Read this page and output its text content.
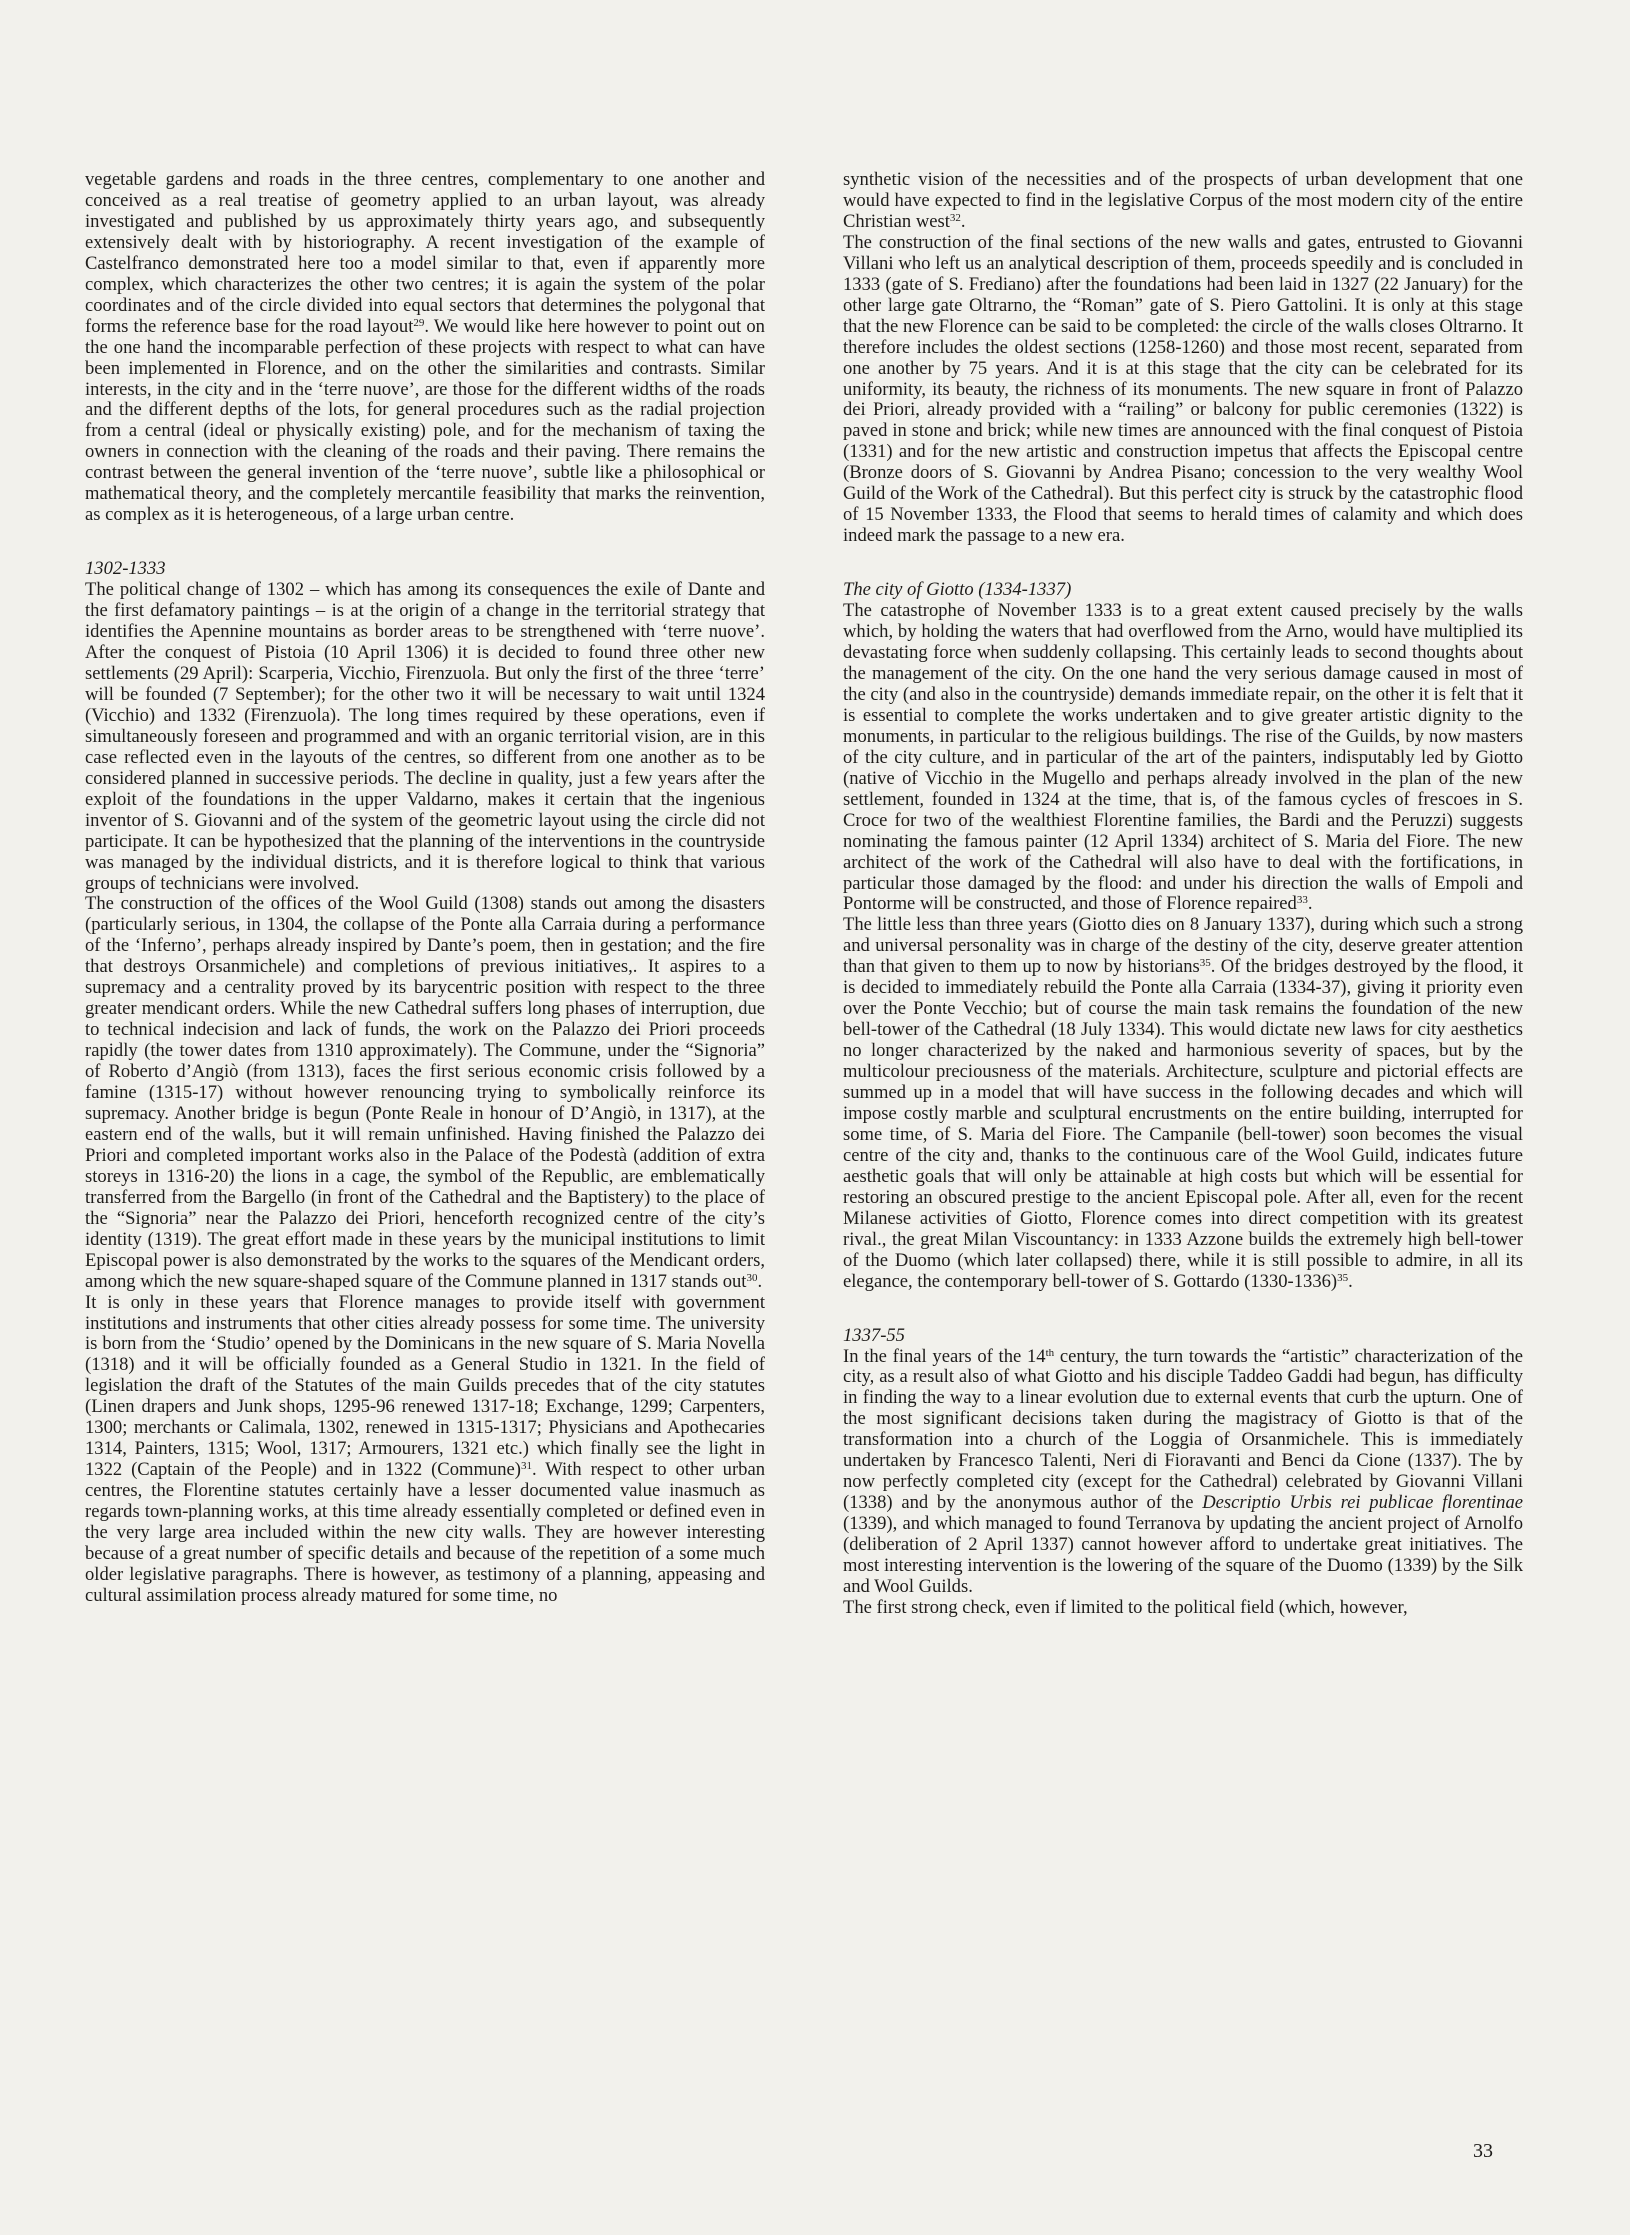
vegetable gardens and roads in the three centres, complementary to one another and conceived as a real treatise of geometry applied to an urban layout, was already investigated and published by us approximately thirty years ago, and subsequently extensively dealt with by historiography. A recent investigation of the example of Castelfranco demonstrated here too a model similar to that, even if apparently more complex, which characterizes the other two centres; it is again the system of the polar coordinates and of the circle divided into equal sectors that determines the polygonal that forms the reference base for the road layout$^{29}$. We would like here however to point out on the one hand the incomparable perfection of these projects with respect to what can have been implemented in Florence, and on the other the similarities and contrasts. Similar interests, in the city and in the ‘terre nuove’, are those for the different widths of the roads and the different depths of the lots, for general procedures such as the radial projection from a central (ideal or physically existing) pole, and for the mechanism of taxing the owners in connection with the cleaning of the roads and their paving. There remains the contrast between the general invention of the ‘terre nuove’, subtle like a philosophical or mathematical theory, and the completely mercantile feasibility that marks the reinvention, as complex as it is heterogeneous, of a large urban centre.

1302-1333

The political change of 1302 – which has among its consequences the exile of Dante and the first defamatory paintings – is at the origin of a change in the territorial strategy that identifies the Apennine mountains as border areas to be strengthened with ‘terre nuove’. After the conquest of Pistoia (10 April 1306) it is decided to found three other new settlements (29 April): Scarperia, Vicchio, Firenzuola. But only the first of the three ‘terre’ will be founded (7 September); for the other two it will be necessary to wait until 1324 (Vicchio) and 1332 (Firenzuola). The long times required by these operations, even if simultaneously foreseen and programmed and with an organic territorial vision, are in this case reflected even in the layouts of the centres, so different from one another as to be considered planned in successive periods. The decline in quality, just a few years after the exploit of the foundations in the upper Valdarno, makes it certain that the ingenious inventor of S. Giovanni and of the system of the geometric layout using the circle did not participate. It can be hypothesized that the planning of the interventions in the countryside was managed by the individual districts, and it is therefore logical to think that various groups of technicians were involved.

The construction of the offices of the Wool Guild (1308) stands out among the disasters (particularly serious, in 1304, the collapse of the Ponte alla Carraia during a performance of the ‘Inferno’, perhaps already inspired by Dante’s poem, then in gestation; and the fire that destroys Orsanmichele) and completions of previous initiatives,. It aspires to a supremacy and a centrality proved by its barycentric position with respect to the three greater mendicant orders. While the new Cathedral suffers long phases of interruption, due to technical indecision and lack of funds, the work on the Palazzo dei Priori proceeds rapidly (the tower dates from 1310 approximately). The Commune, under the “Signoria” of Roberto d’Angiò (from 1313), faces the first serious economic crisis followed by a famine (1315-17) without however renouncing trying to symbolically reinforce its supremacy. Another bridge is begun (Ponte Reale in honour of D’Angiò, in 1317), at the eastern end of the walls, but it will remain unfinished. Having finished the Palazzo dei Priori and completed important works also in the Palace of the Podestà (addition of extra storeys in 1316-20) the lions in a cage, the symbol of the Republic, are emblematically transferred from the Bargello (in front of the Cathedral and the Baptistery) to the place of the “Signoria” near the Palazzo dei Priori, henceforth recognized centre of the city’s identity (1319). The great effort made in these years by the municipal institutions to limit Episcopal power is also demonstrated by the works to the squares of the Mendicant orders, among which the new square-shaped square of the Commune planned in 1317 stands out$^{30}$.

It is only in these years that Florence manages to provide itself with government institutions and instruments that other cities already possess for some time. The university is born from the ‘Studio’ opened by the Dominicans in the new square of S. Maria Novella (1318) and it will be officially founded as a General Studio in 1321. In the field of legislation the draft of the Statutes of the main Guilds precedes that of the city statutes (Linen drapers and Junk shops, 1295-96 renewed 1317-18; Exchange, 1299; Carpenters, 1300; merchants or Calimala, 1302, renewed in 1315-1317; Physicians and Apothecaries 1314, Painters, 1315; Wool, 1317; Armourers, 1321 etc.) which finally see the light in 1322 (Captain of the People) and in 1322 (Commune)$^{31}$. With respect to other urban centres, the Florentine statutes certainly have a lesser documented value inasmuch as regards town-planning works, at this time already essentially completed or defined even in the very large area included within the new city walls. They are however interesting because of a great number of specific details and because of the repetition of a some much older legislative paragraphs. There is however, as testimony of a planning, appeasing and cultural assimilation process already matured for some time, no

synthetic vision of the necessities and of the prospects of urban development that one would have expected to find in the legislative Corpus of the most modern city of the entire Christian west$^{32}$.

The construction of the final sections of the new walls and gates, entrusted to Giovanni Villani who left us an analytical description of them, proceeds speedily and is concluded in 1333 (gate of S. Frediano) after the foundations had been laid in 1327 (22 January) for the other large gate Oltrarno, the “Roman” gate of S. Piero Gattolini. It is only at this stage that the new Florence can be said to be completed: the circle of the walls closes Oltrarno. It therefore includes the oldest sections (1258-1260) and those most recent, separated from one another by 75 years. And it is at this stage that the city can be celebrated for its uniformity, its beauty, the richness of its monuments. The new square in front of Palazzo dei Priori, already provided with a “railing” or balcony for public ceremonies (1322) is paved in stone and brick; while new times are announced with the final conquest of Pistoia (1331) and for the new artistic and construction impetus that affects the Episcopal centre (Bronze doors of S. Giovanni by Andrea Pisano; concession to the very wealthy Wool Guild of the Work of the Cathedral). But this perfect city is struck by the catastrophic flood of 15 November 1333, the Flood that seems to herald times of calamity and which does indeed mark the passage to a new era.

The city of Giotto (1334-1337)

The catastrophe of November 1333 is to a great extent caused precisely by the walls which, by holding the waters that had overflowed from the Arno, would have multiplied its devastating force when suddenly collapsing. This certainly leads to second thoughts about the management of the city. On the one hand the very serious damage caused in most of the city (and also in the countryside) demands immediate repair, on the other it is felt that it is essential to complete the works undertaken and to give greater artistic dignity to the monuments, in particular to the religious buildings. The rise of the Guilds, by now masters of the city culture, and in particular of the art of the painters, indisputably led by Giotto (native of Vicchio in the Mugello and perhaps already involved in the plan of the new settlement, founded in 1324 at the time, that is, of the famous cycles of frescoes in S. Croce for two of the wealthiest Florentine families, the Bardi and the Peruzzi) suggests nominating the famous painter (12 April 1334) architect of S. Maria del Fiore. The new architect of the work of the Cathedral will also have to deal with the fortifications, in particular those damaged by the flood: and under his direction the walls of Empoli and Pontorme will be constructed, and those of Florence repaired$^{33}$.

The little less than three years (Giotto dies on 8 January 1337), during which such a strong and universal personality was in charge of the destiny of the city, deserve greater attention than that given to them up to now by historians$^{35}$. Of the bridges destroyed by the flood, it is decided to immediately rebuild the Ponte alla Carraia (1334-37), giving it priority even over the Ponte Vecchio; but of course the main task remains the foundation of the new bell-tower of the Cathedral (18 July 1334). This would dictate new laws for city aesthetics no longer characterized by the naked and harmonious severity of spaces, but by the multicolour preciousness of the materials. Architecture, sculpture and pictorial effects are summed up in a model that will have success in the following decades and which will impose costly marble and sculptural encrustments on the entire building, interrupted for some time, of S. Maria del Fiore. The Campanile (bell-tower) soon becomes the visual centre of the city and, thanks to the continuous care of the Wool Guild, indicates future aesthetic goals that will only be attainable at high costs but which will be essential for restoring an obscured prestige to the ancient Episcopal pole. After all, even for the recent Milanese activities of Giotto, Florence comes into direct competition with its greatest rival., the great Milan Viscountancy: in 1333 Azzone builds the extremely high bell-tower of the Duomo (which later collapsed) there, while it is still possible to admire, in all its elegance, the contemporary bell-tower of S. Gottardo (1330-1336)$^{35}$.

1337-55

In the final years of the 14th century, the turn towards the “artistic” characterization of the city, as a result also of what Giotto and his disciple Taddeo Gaddi had begun, has difficulty in finding the way to a linear evolution due to external events that curb the upturn. One of the most significant decisions taken during the magistracy of Giotto is that of the transformation into a church of the Loggia of Orsanmichele. This is immediately undertaken by Francesco Talenti, Neri di Fioravanti and Benci da Cione (1337). The by now perfectly completed city (except for the Cathedral) celebrated by Giovanni Villani (1338) and by the anonymous author of the Descriptio Urbis rei publicae florentinae (1339), and which managed to found Terranova by updating the ancient project of Arnolfo (deliberation of 2 April 1337) cannot however afford to undertake great initiatives. The most interesting intervention is the lowering of the square of the Duomo (1339) by the Silk and Wool Guilds.

The first strong check, even if limited to the political field (which, however,

33
